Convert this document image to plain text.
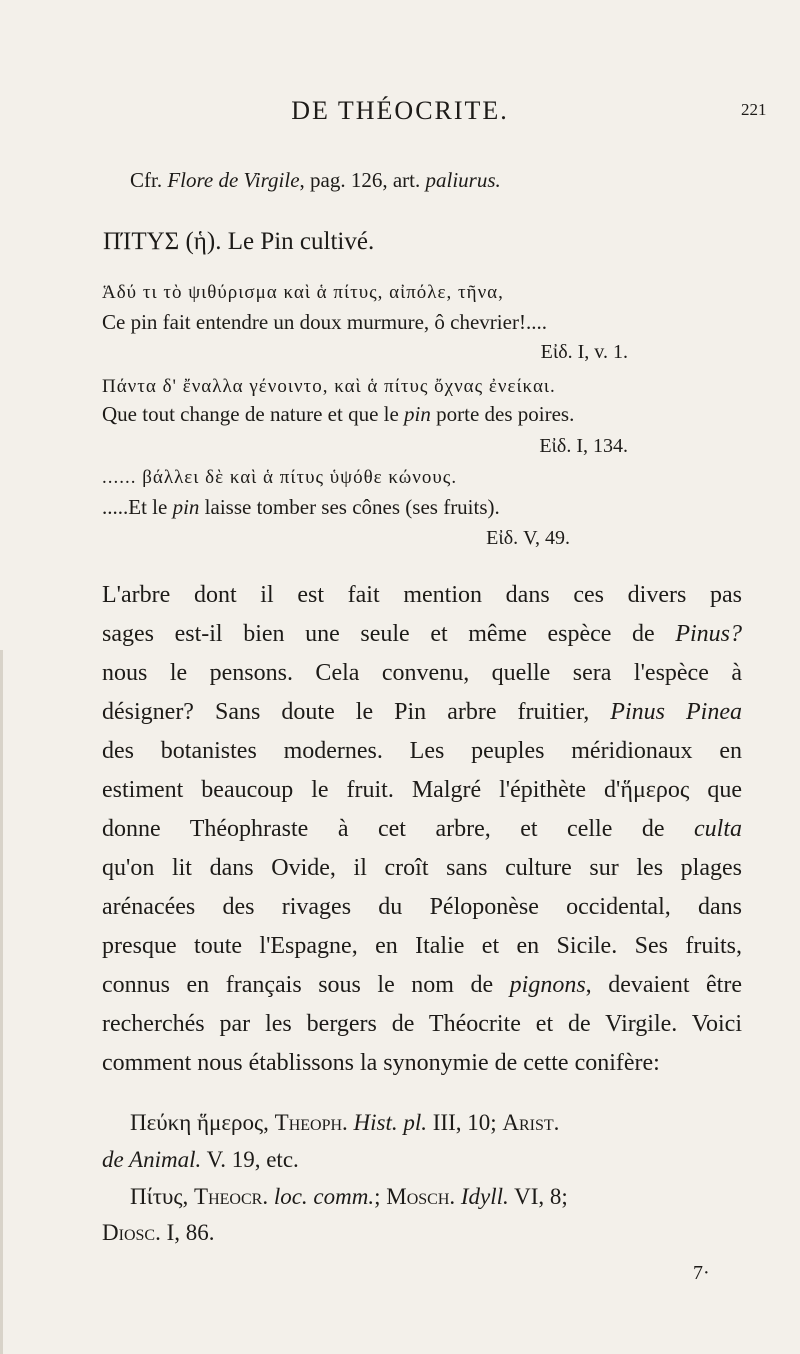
DE THÉOCRITE.	221
Cfr. Flore de Virgile, pag. 126, art. paliurus.
ΠΊΤΥΣ (ἡ). Le Pin cultivé.
Ἁδύ τι τὸ ψιθύρισμα καὶ ἁ πίτυς, αἰπόλε, τῆνα,
Ce pin fait entendre un doux murmure, ô chevrier!....
Εἰδ. I, v. 1.
Πάντα δ' ἔναλλα γένοιντο, καὶ ἁ πίτυς ὄχνας ἐνείκαι.
Que tout change de nature et que le pin porte des poires.
Εἰδ. I, 134.
...... βάλλει δὲ καὶ ἁ πίτυς ὑψόθε κώνους.
.....Et le pin laisse tomber ses cônes (ses fruits).
Εἰδ. V, 49.
L'arbre dont il est fait mention dans ces divers pas
sages est-il bien une seule et même espèce de Pinus?
nous le pensons. Cela convenu, quelle sera l'espèce à
désigner? Sans doute le Pin arbre fruitier, Pinus Pinea
des botanistes modernes. Les peuples méridionaux en
estiment beaucoup le fruit. Malgré l'épithète d'ἥμερος que
donne Théophraste à cet arbre, et celle de culta
qu'on lit dans Ovide, il croît sans culture sur les plages
arénacées des rivages du Péloponèse occidental, dans
presque toute l'Espagne, en Italie et en Sicile. Ses fruits,
connus en français sous le nom de pignons, devaient être
recherchés par les bergers de Théocrite et de Virgile. Voici
comment nous établissons la synonymie de cette conifère:
Πεύκη ἥμερος, Theoph. Hist. pl. III, 10; Arist.
de Animal. V. 19, etc.
Πίτυς, Theocr. loc. comm.; Mosch. Idyll. VI, 8;
Diosc. I, 86.
7·
